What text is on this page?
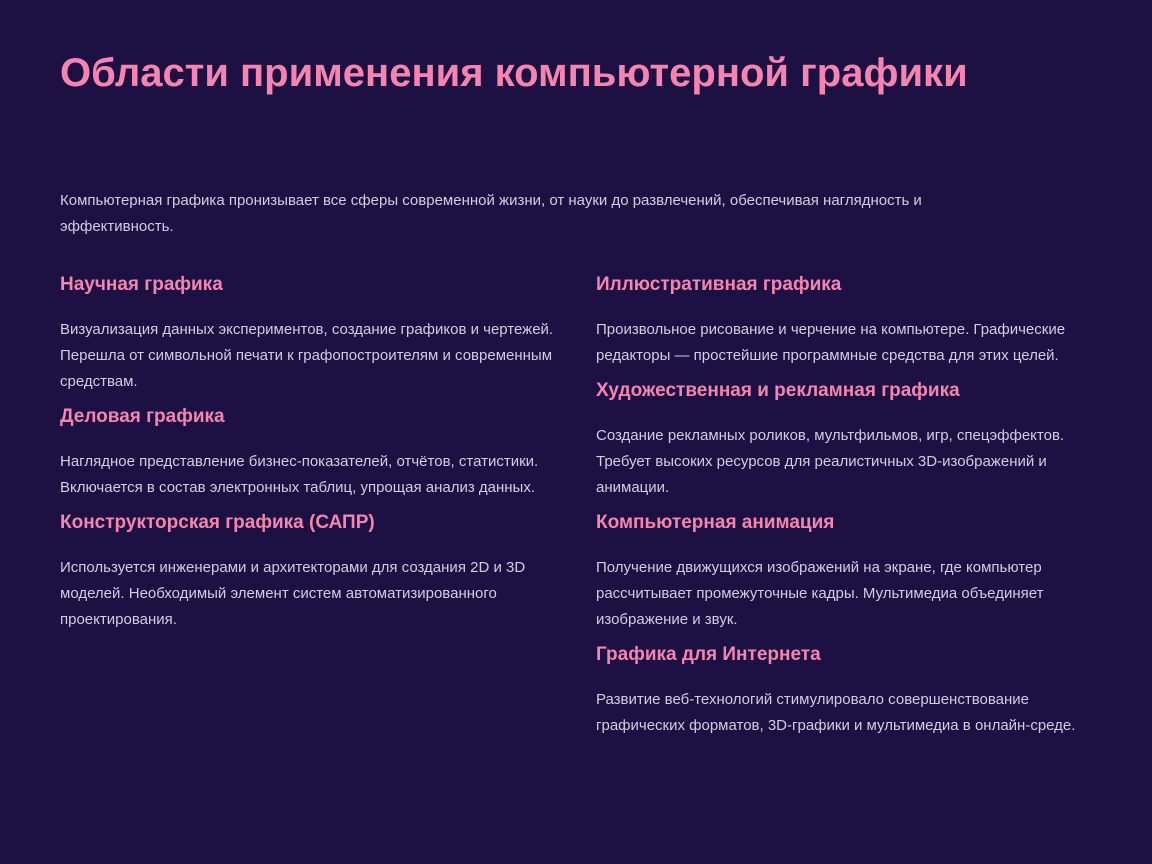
Области применения компьютерной графики

Компьютерная графика пронизывает все сферы современной жизни, от науки до развлечений, обеспечивая наглядность и эффективность.

Научная графика

Визуализация данных экспериментов, создание графиков и чертежей. Перешла от символьной печати к графопостроителям и современным средствам.

Деловая графика

Наглядное представление бизнес-показателей, отчётов, статистики. Включается в состав электронных таблиц, упрощая анализ данных.

Конструкторская графика (САПР)

Используется инженерами и архитекторами для создания 2D и 3D моделей. Необходимый элемент систем автоматизированного проектирования.

Иллюстративная графика

Произвольное рисование и черчение на компьютере. Графические редакторы — простейшие программные средства для этих целей.

Художественная и рекламная графика

Создание рекламных роликов, мультфильмов, игр, спецэффектов. Требует высоких ресурсов для реалистичных 3D-изображений и анимации.

Компьютерная анимация

Получение движущихся изображений на экране, где компьютер рассчитывает промежуточные кадры. Мультимедиа объединяет изображение и звук.

Графика для Интернета

Развитие веб-технологий стимулировало совершенствование графических форматов, 3D-графики и мультимедиа в онлайн-среде.
